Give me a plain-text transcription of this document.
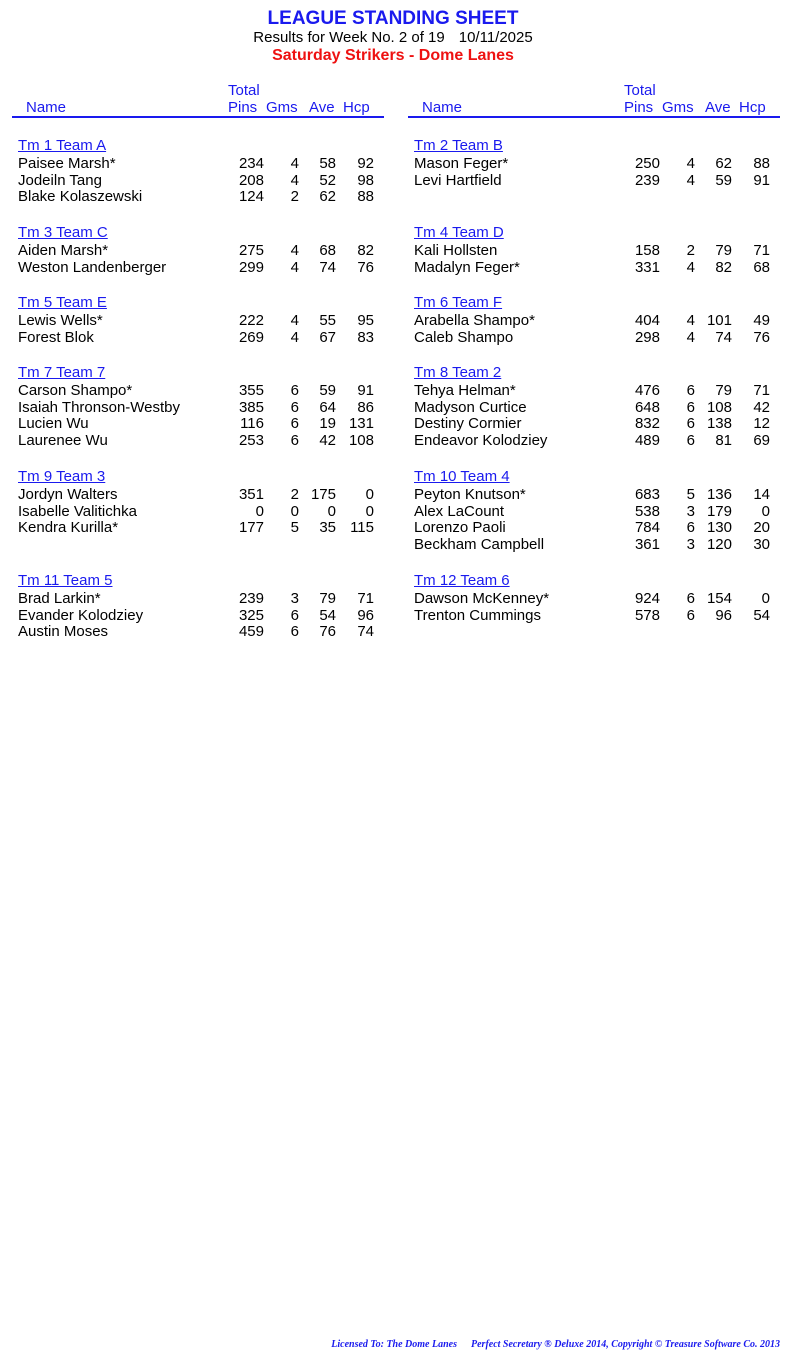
LEAGUE STANDING SHEET
Results for Week No. 2 of 19 10/11/2025
Saturday Strikers - Dome Lanes
Total
Name	Pins Gms Ave Hcp
Tm 1 Team A
Paisee Marsh*	234 4 58 92
Jodeiln Tang	208 4 52 98
Blake Kolaszewski	124 2 62 88
Tm 3 Team C
Aiden Marsh*	275 4 68 82
Weston Landenberger	299 4 74 76
Tm 5 Team E
Lewis Wells*	222 4 55 95
Forest Blok	269 4 67 83
Tm 7 Team 7
Carson Shampo*	355 6 59 91
Isaiah Thronson-Westby	385 6 64 86
Lucien Wu	116 6 19 131
Laurenee Wu	253 6 42 108
Tm 9 Team 3
Jordyn Walters	351 2 175 0
Isabelle Valitichka	0 0 0 0
Kendra Kurilla*	177 5 35 115
Tm 11 Team 5
Brad Larkin*	239 3 79 71
Evander Kolodziey	325 6 54 96
Austin Moses	459 6 76 74
Total
Name	Pins Gms Ave Hcp
Tm 2 Team B
Mason Feger*	250 4 62 88
Levi Hartfield	239 4 59 91
Tm 4 Team D
Kali Hollsten	158 2 79 71
Madalyn Feger*	331 4 82 68
Tm 6 Team F
Arabella Shampo*	404 4 101 49
Caleb Shampo	298 4 74 76
Tm 8 Team 2
Tehya Helman*	476 6 79 71
Madyson Curtice	648 6 108 42
Destiny Cormier	832 6 138 12
Endeavor Kolodziey	489 6 81 69
Tm 10 Team 4
Peyton Knutson*	683 5 136 14
Alex LaCount	538 3 179 0
Lorenzo Paoli	784 6 130 20
Beckham Campbell	361 3 120 30
Tm 12 Team 6
Dawson McKenney*	924 6 154 0
Trenton Cummings	578 6 96 54
Licensed To: The Dome Lanes Perfect Secretary ® Deluxe 2014, Copyright © Treasure Software Co. 2013
